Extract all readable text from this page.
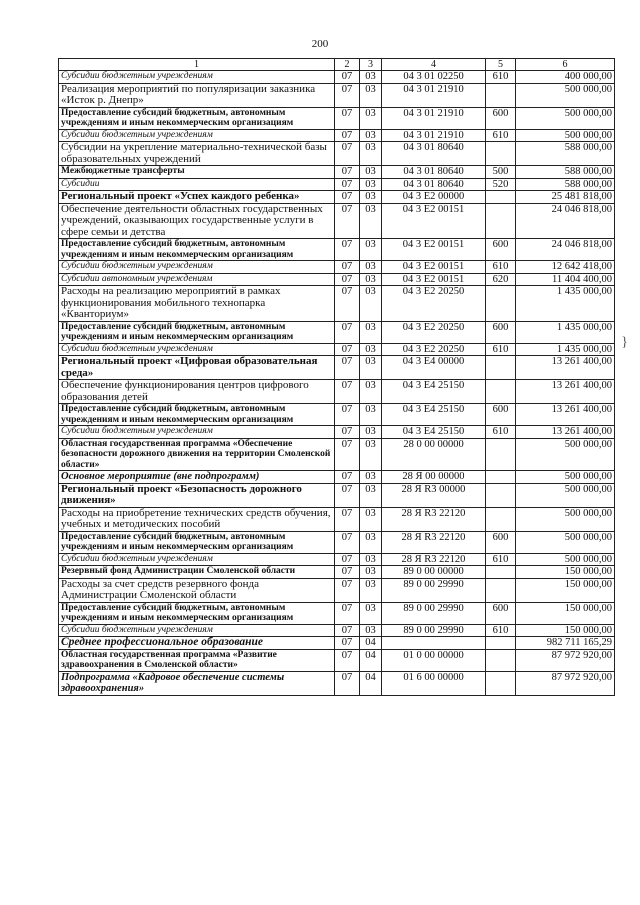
200
1	2	3	4	5	6
Субсидии бюджетным учреждениям	07	03	04 3 01 02250	610	400 000,00
Реализация мероприятий по популяризации заказника «Исток р. Днепр»	07	03	04 3 01 21910		500 000,00
Предоставление субсидий бюджетным, автономным учреждениям и иным некоммерческим организациям	07	03	04 3 01 21910	600	500 000,00
Субсидии бюджетным учреждениям	07	03	04 3 01 21910	610	500 000,00
Субсидии на укрепление материально-технической базы образовательных учреждений	07	03	04 3 01 80640		588 000,00
Межбюджетные трансферты	07	03	04 3 01 80640	500	588 000,00
Субсидии	07	03	04 3 01 80640	520	588 000,00
Региональный проект «Успех каждого ребенка»	07	03	04 3 E2 00000		25 481 818,00
Обеспечение деятельности областных государственных учреждений, оказывающих государственные услуги в сфере семьи и детства	07	03	04 3 E2 00151		24 046 818,00
Предоставление субсидий бюджетным, автономным учреждениям и иным некоммерческим организациям	07	03	04 3 E2 00151	600	24 046 818,00
Субсидии бюджетным учреждениям	07	03	04 3 E2 00151	610	12 642 418,00
Субсидии автономным учреждениям	07	03	04 3 E2 00151	620	11 404 400,00
Расходы на реализацию мероприятий в рамках функционирования мобильного технопарка «Кванториум»	07	03	04 3 E2 20250		1 435 000,00
Предоставление субсидий бюджетным, автономным учреждениям и иным некоммерческим организациям	07	03	04 3 E2 20250	600	1 435 000,00
Субсидии бюджетным учреждениям	07	03	04 3 E2 20250	610	1 435 000,00
Региональный проект «Цифровая образовательная среда»	07	03	04 3 E4 00000		13 261 400,00
Обеспечение функционирования центров цифрового образования детей	07	03	04 3 E4 25150		13 261 400,00
Предоставление субсидий бюджетным, автономным учреждениям и иным некоммерческим организациям	07	03	04 3 E4 25150	600	13 261 400,00
Субсидии бюджетным учреждениям	07	03	04 3 E4 25150	610	13 261 400,00
Областная государственная программа «Обеспечение безопасности дорожного движения на территории Смоленской области»	07	03	28 0 00 00000		500 000,00
Основное мероприятие (вне подпрограмм)	07	03	28 Я 00 00000		500 000,00
Региональный проект «Безопасность дорожного движения»	07	03	28 Я R3 00000		500 000,00
Расходы на приобретение технических средств обучения, учебных и методических пособий	07	03	28 Я R3 22120		500 000,00
Предоставление субсидий бюджетным, автономным учреждениям и иным некоммерческим организациям	07	03	28 Я R3 22120	600	500 000,00
Субсидии бюджетным учреждениям	07	03	28 Я R3 22120	610	500 000,00
Резервный фонд Администрации Смоленской области	07	03	89 0 00 00000		150 000,00
Расходы за счет средств резервного фонда Администрации Смоленской области	07	03	89 0 00 29990		150 000,00
Предоставление субсидий бюджетным, автономным учреждениям и иным некоммерческим организациям	07	03	89 0 00 29990	600	150 000,00
Субсидии бюджетным учреждениям	07	03	89 0 00 29990	610	150 000,00
Среднее профессиональное образование	07	04			982 711 165,29
Областная государственная программа «Развитие здравоохранения в Смоленской области»	07	04	01 0 00 00000		87 972 920,00
Подпрограмма «Кадровое обеспечение системы здравоохранения»	07	04	01 6 00 00000		87 972 920,00
}
